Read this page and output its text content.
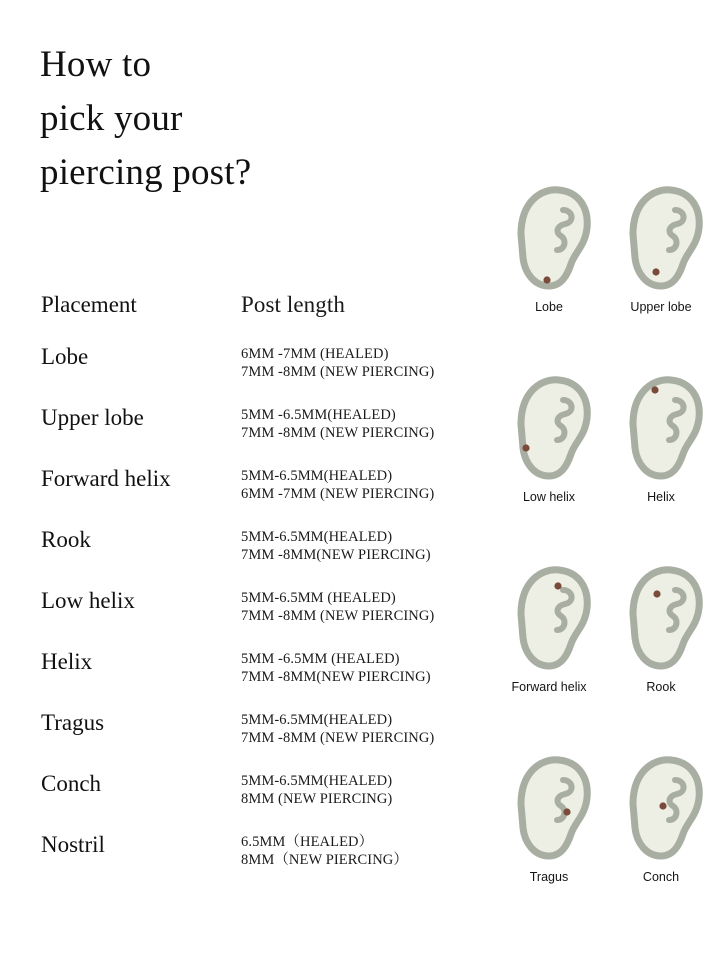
How to
pick your
piercing post?
Placement	Post length
Lobe	6MM -7MM (HEALED)
7MM -8MM (NEW PIERCING)
Upper lobe	5MM -6.5MM(HEALED)
7MM -8MM (NEW PIERCING)
Forward helix	5MM-6.5MM(HEALED)
6MM -7MM (NEW PIERCING)
Rook	5MM-6.5MM(HEALED)
7MM -8MM(NEW PIERCING)
Low helix	5MM-6.5MM (HEALED)
7MM -8MM (NEW PIERCING)
Helix	5MM -6.5MM (HEALED)
7MM -8MM(NEW PIERCING)
Tragus	5MM-6.5MM(HEALED)
7MM -8MM (NEW PIERCING)
Conch	5MM-6.5MM(HEALED)
8MM (NEW PIERCING)
Nostril	6.5MM（HEALED）
8MM（NEW PIERCING）
Lobe	Upper lobe
Low helix	Helix
Forward helix	Rook
Tragus	Conch
